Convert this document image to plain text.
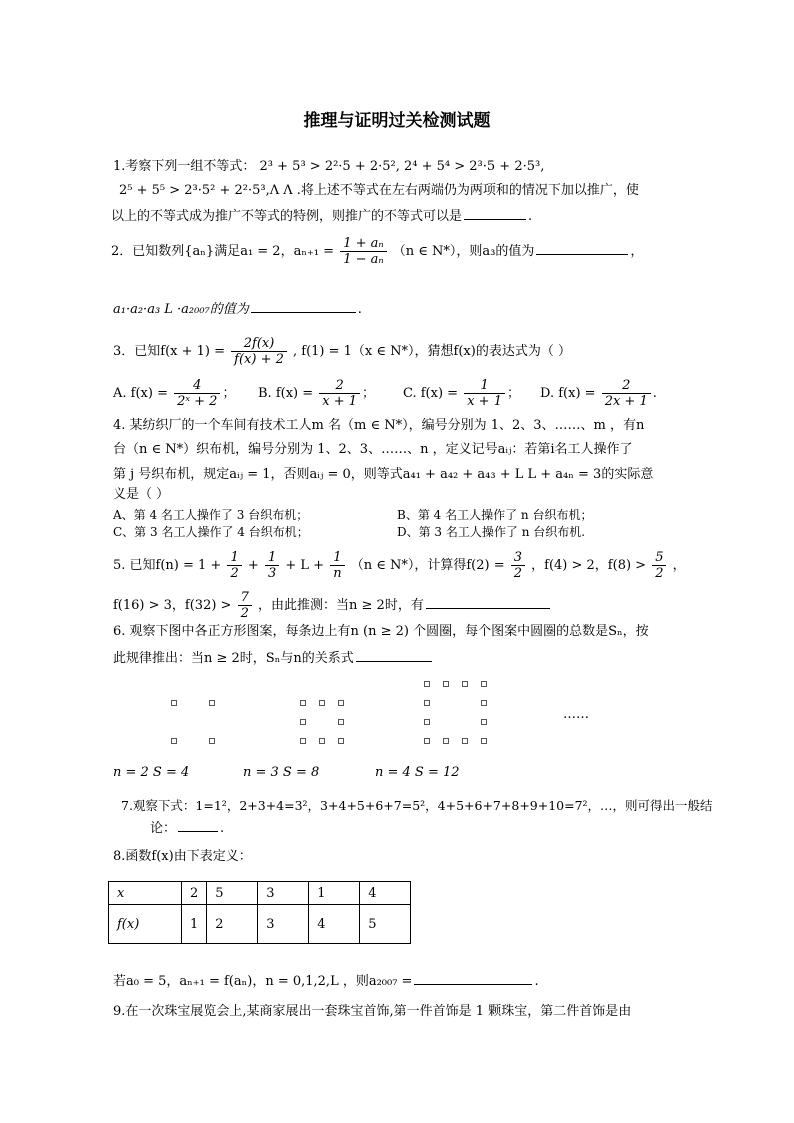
推理与证明过关检测试题
1.考察下列一组不等式： 2³ + 5³ > 2²·5 + 2·5², 2⁴ + 5⁴ > 2³·5 + 2·5³,
2⁵ + 5⁵ > 2³·5² + 2²·5³,Λ Λ .将上述不等式在左右两端仍为两项和的情况下加以推广，使
以上的不等式成为推广不等式的特例，则推广的不等式可以是	.
2．已知数列{aₙ}满足a₁ = 2，$a_{n+1} = \frac{\text{1 + aₙ}}{\text{1 − aₙ}} (n$ ∈ N*），则a₃的值为	，
a₁·a₂·a₃ L ·a₂₀₀₇的值为	.
3．已知$f(x + 1) = \frac{2f(x)}{f(x) + 2}$ , f(1) = 1（x ∈ N*），猜想f(x)的表达式为（ ）
A. $f(x) = \frac{4}{\text{2ˣ + 2}}$ ； B. $f(x) = \frac{2}{x + 1}$ ； C. $f(x) = \frac{1}{x + 1}$ ； D. $f(x) = \frac{2}{2x + 1}$ .
4. 某纺织厂的一个车间有技术工人m 名（m ∈ N*），编号分别为 1、2、3、……、m ，有n
台（n ∈ N*）织布机，编号分别为 1、2、3、……、n ，定义记号aᵢⱼ：若第i名工人操作了
第 j 号织布机，规定aᵢⱼ = 1，否则aᵢⱼ = 0，则等式a₄₁ + a₄₂ + a₄₃ + L L + a₄ₙ = 3的实际意
义是（ ）
A、第 4 名工人操作了 3 台织布机；	B、第 4 名工人操作了 n 台织布机；
C、第 3 名工人操作了 4 台织布机；	D、第 3 名工人操作了 n 台织布机.
5. 已知$f(n) = 1 + \frac{1}{2} + \frac{1}{3} + L + \frac{1}{n} (n$ ∈ N*），计算得$f(2) = \frac{3}{2}$ ，f(4) > 2，$f(8) > \frac{5}{2}$ ，
f(16) > 3，$f(32) > \frac{7}{2}$ ，由此推测：当n ≥ 2时，有
6. 观察下图中各正方形图案，每条边上有n (n ≥ 2) 个圆圈，每个图案中圆圈的总数是Sₙ，按
此规律推出：当n ≥ 2时，Sₙ与n的关系式
……
n = 2 S = 4	n = 3 S = 8	n = 4 S = 12
7.观察下式：1=1²，2+3+4=3²，3+4+5+6+7=5²，4+5+6+7+8+9+10=7²，…，则可得出一般结
论：	.
8.函数f(x)由下表定义：
x	2	5	3	1	4
f(x)	1	2	3	4	5
若a₀ = 5，aₙ₊₁ = f(aₙ)，n = 0,1,2,L ，则a₂₀₀₇ =	.
9.在一次珠宝展览会上,某商家展出一套珠宝首饰,第一件首饰是 1 颗珠宝，第二件首饰是由
